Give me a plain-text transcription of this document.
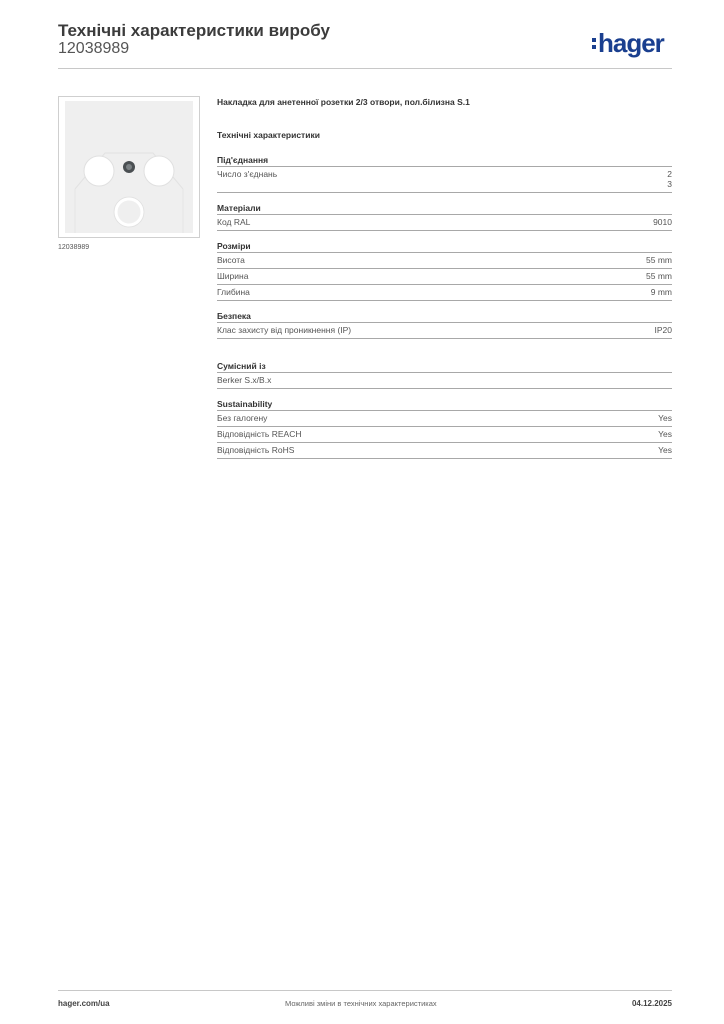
Технічні характеристики виробу
12038989	hager
12038989
Накладка для анетенної розетки 2/3 отвори, пол.білизна S.1
Технічні характеристики
Під'єднання
Число з'єднань	2
3
Матеріали
Код RAL	9010
Розміри
Висота	55 mm
Ширина	55 mm
Глибина	9 mm
Безпека
Клас захисту від проникнення (IP)	IP20
Сумісний із
Berker S.x/B.x
Sustainability
Без галогену	Yes
Відповідність REACH	Yes
Відповідність RoHS	Yes
hager.com/ua	Можливі зміни в технічних характеристиках	04.12.2025
